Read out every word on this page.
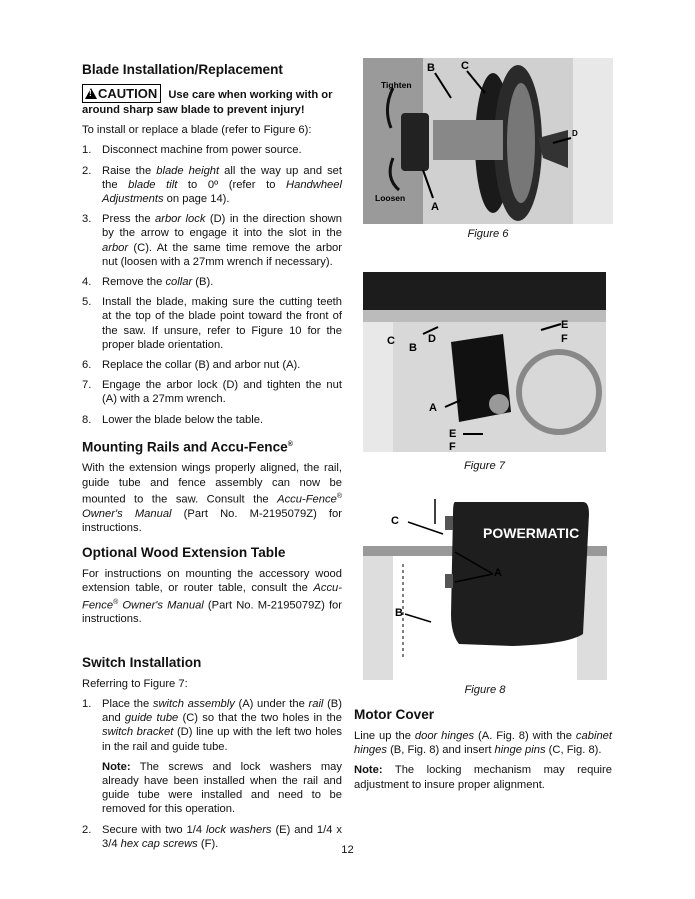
Blade Installation/Replacement
!CAUTION Use care when working with or around sharp saw blade to prevent injury!

To install or replace a blade (refer to Figure 6):

1. Disconnect machine from power source.
2. Raise the blade height all the way up and set the blade tilt to 0º (refer to Handwheel Adjustments on page 14).
3. Press the arbor lock (D) in the direction shown by the arrow to engage it into the slot in the arbor (C). At the same time remove the arbor nut (loosen with a 27mm wrench if necessary).
4. Remove the collar (B).
5. Install the blade, making sure the cutting teeth at the top of the blade point toward the front of the saw. If unsure, refer to Figure 10 for the proper blade orientation.
6. Replace the collar (B) and arbor nut (A).
7. Engage the arbor lock (D) and tighten the nut (A) with a 27mm wrench.
8. Lower the blade below the table.
Mounting Rails and Accu-Fence®

With the extension wings properly aligned, the rail, guide tube and fence assembly can now be mounted to the saw. Consult the Accu-Fence® Owner's Manual (Part No. M-2195079Z) for instructions.

Optional Wood Extension Table

For instructions on mounting the accessory wood extension table, or router table, consult the Accu-Fence® Owner's Manual (Part No. M-2195079Z) for instructions.

Switch Installation

Referring to Figure 7:

1. Place the switch assembly (A) under the rail (B) and guide tube (C) so that the two holes in the switch bracket (D) line up with the left two holes in the rail and guide tube.

Note: The screws and lock washers may already have been installed when the rail and guide tube were installed and need to be removed for this operation.

2. Secure with two 1/4 lock washers (E) and 1/4 x 3/4 hex cap screws (F).
B C
D
A
Tighten
Loosen
Figure 6
C
B
D
E
F
A
E
F
Figure 7
POWERMATIC
C
A
B
Figure 8
Motor Cover

Line up the door hinges (A. Fig. 8) with the cabinet hinges (B, Fig. 8) and insert hinge pins (C, Fig. 8).

Note: The locking mechanism may require adjustment to insure proper alignment.

12
